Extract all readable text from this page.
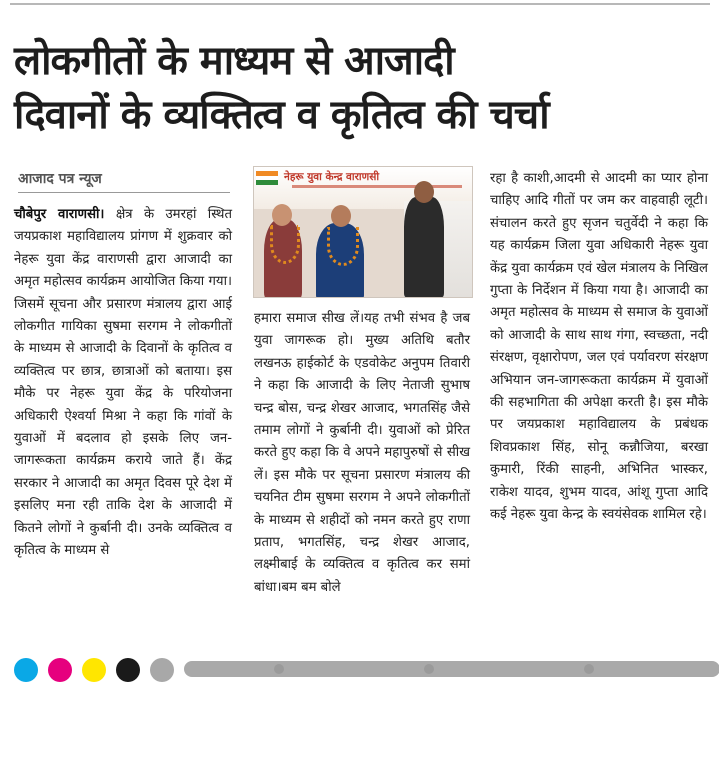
लोकगीतों के माध्यम से आजादी
दिवानों के व्यक्तित्व व कृतित्व की चर्चा
आजाद पत्र न्यूज

चौबेपुर वाराणसी। क्षेत्र के उमरहां स्थित जयप्रकाश महाविद्यालय प्रांगण में शुक्रवार को नेहरू युवा केंद्र वाराणसी द्वारा आजादी का अमृत महोत्सव कार्यक्रम आयोजित किया गया। जिसमें सूचना और प्रसारण मंत्रालय द्वारा आई लोकगीत गायिका सुषमा सरगम ने लोकगीतों के माध्यम से आजादी के दिवानों के कृतित्व व व्यक्तित्व पर छात्र, छात्राओं को बताया। इस मौके पर नेहरू युवा केंद्र के परियोजना अधिकारी ऐश्वर्या मिश्रा ने कहा कि गांवों के युवाओं में बदलाव हो इसके लिए जन-जागरूकता कार्यक्रम कराये जाते हैं। केंद्र सरकार ने आजादी का अमृत दिवस पूरे देश में इसलिए मना रही ताकि देश के आजादी में कितने लोगों ने कुर्बानी दी। उनके व्यक्तित्व व कृतित्व के माध्यम से

नेहरू युवा केन्द्र वाराणसी

हमारा समाज सीख लें।यह तभी संभव है जब युवा जागरूक हो। मुख्य अतिथि बतौर लखनऊ हाईकोर्ट के एडवोकेट अनुपम तिवारी ने कहा कि आजादी के लिए नेताजी सुभाष चन्द्र बोस, चन्द्र शेखर आजाद, भगतसिंह जैसे तमाम लोगों ने कुर्बानी दी। युवाओं को प्रेरित करते हुए कहा कि वे अपने महापुरुषों से सीख लें। इस मौके पर सूचना प्रसारण मंत्रालय की चयनित टीम सुषमा सरगम ने अपने लोकगीतों के माध्यम से शहीदों को नमन करते हुए राणा प्रताप, भगतसिंह, चन्द्र शेखर आजाद, लक्ष्मीबाई के व्यक्तित्व व कृतित्व कर समां बांधा।बम बम बोले

रहा है काशी,आदमी से आदमी का प्यार होना चाहिए आदि गीतों पर जम कर वाहवाही लूटी। संचालन करते हुए सृजन चतुर्वेदी ने कहा कि यह कार्यक्रम जिला युवा अधिकारी नेहरू युवा केंद्र युवा कार्यक्रम एवं खेल मंत्रालय के निखिल गुप्ता के निर्देशन में किया गया है। आजादी का अमृत महोत्सव के माध्यम से समाज के युवाओं को आजादी के साथ साथ गंगा, स्वच्छता, नदी संरक्षण, वृक्षारोपण, जल एवं पर्यावरण संरक्षण अभियान जन-जागरूकता कार्यक्रम में युवाओं की सहभागिता की अपेक्षा करती है। इस मौके पर जयप्रकाश महाविद्यालय के प्रबंधक शिवप्रकाश सिंह, सोनू कन्नौजिया, बरखा कुमारी, रिंकी साहनी, अभिनित भास्कर, राकेश यादव, शुभम यादव, आंशू गुप्ता आदि कई नेहरू युवा केन्द्र के स्वयंसेवक शामिल रहे।
